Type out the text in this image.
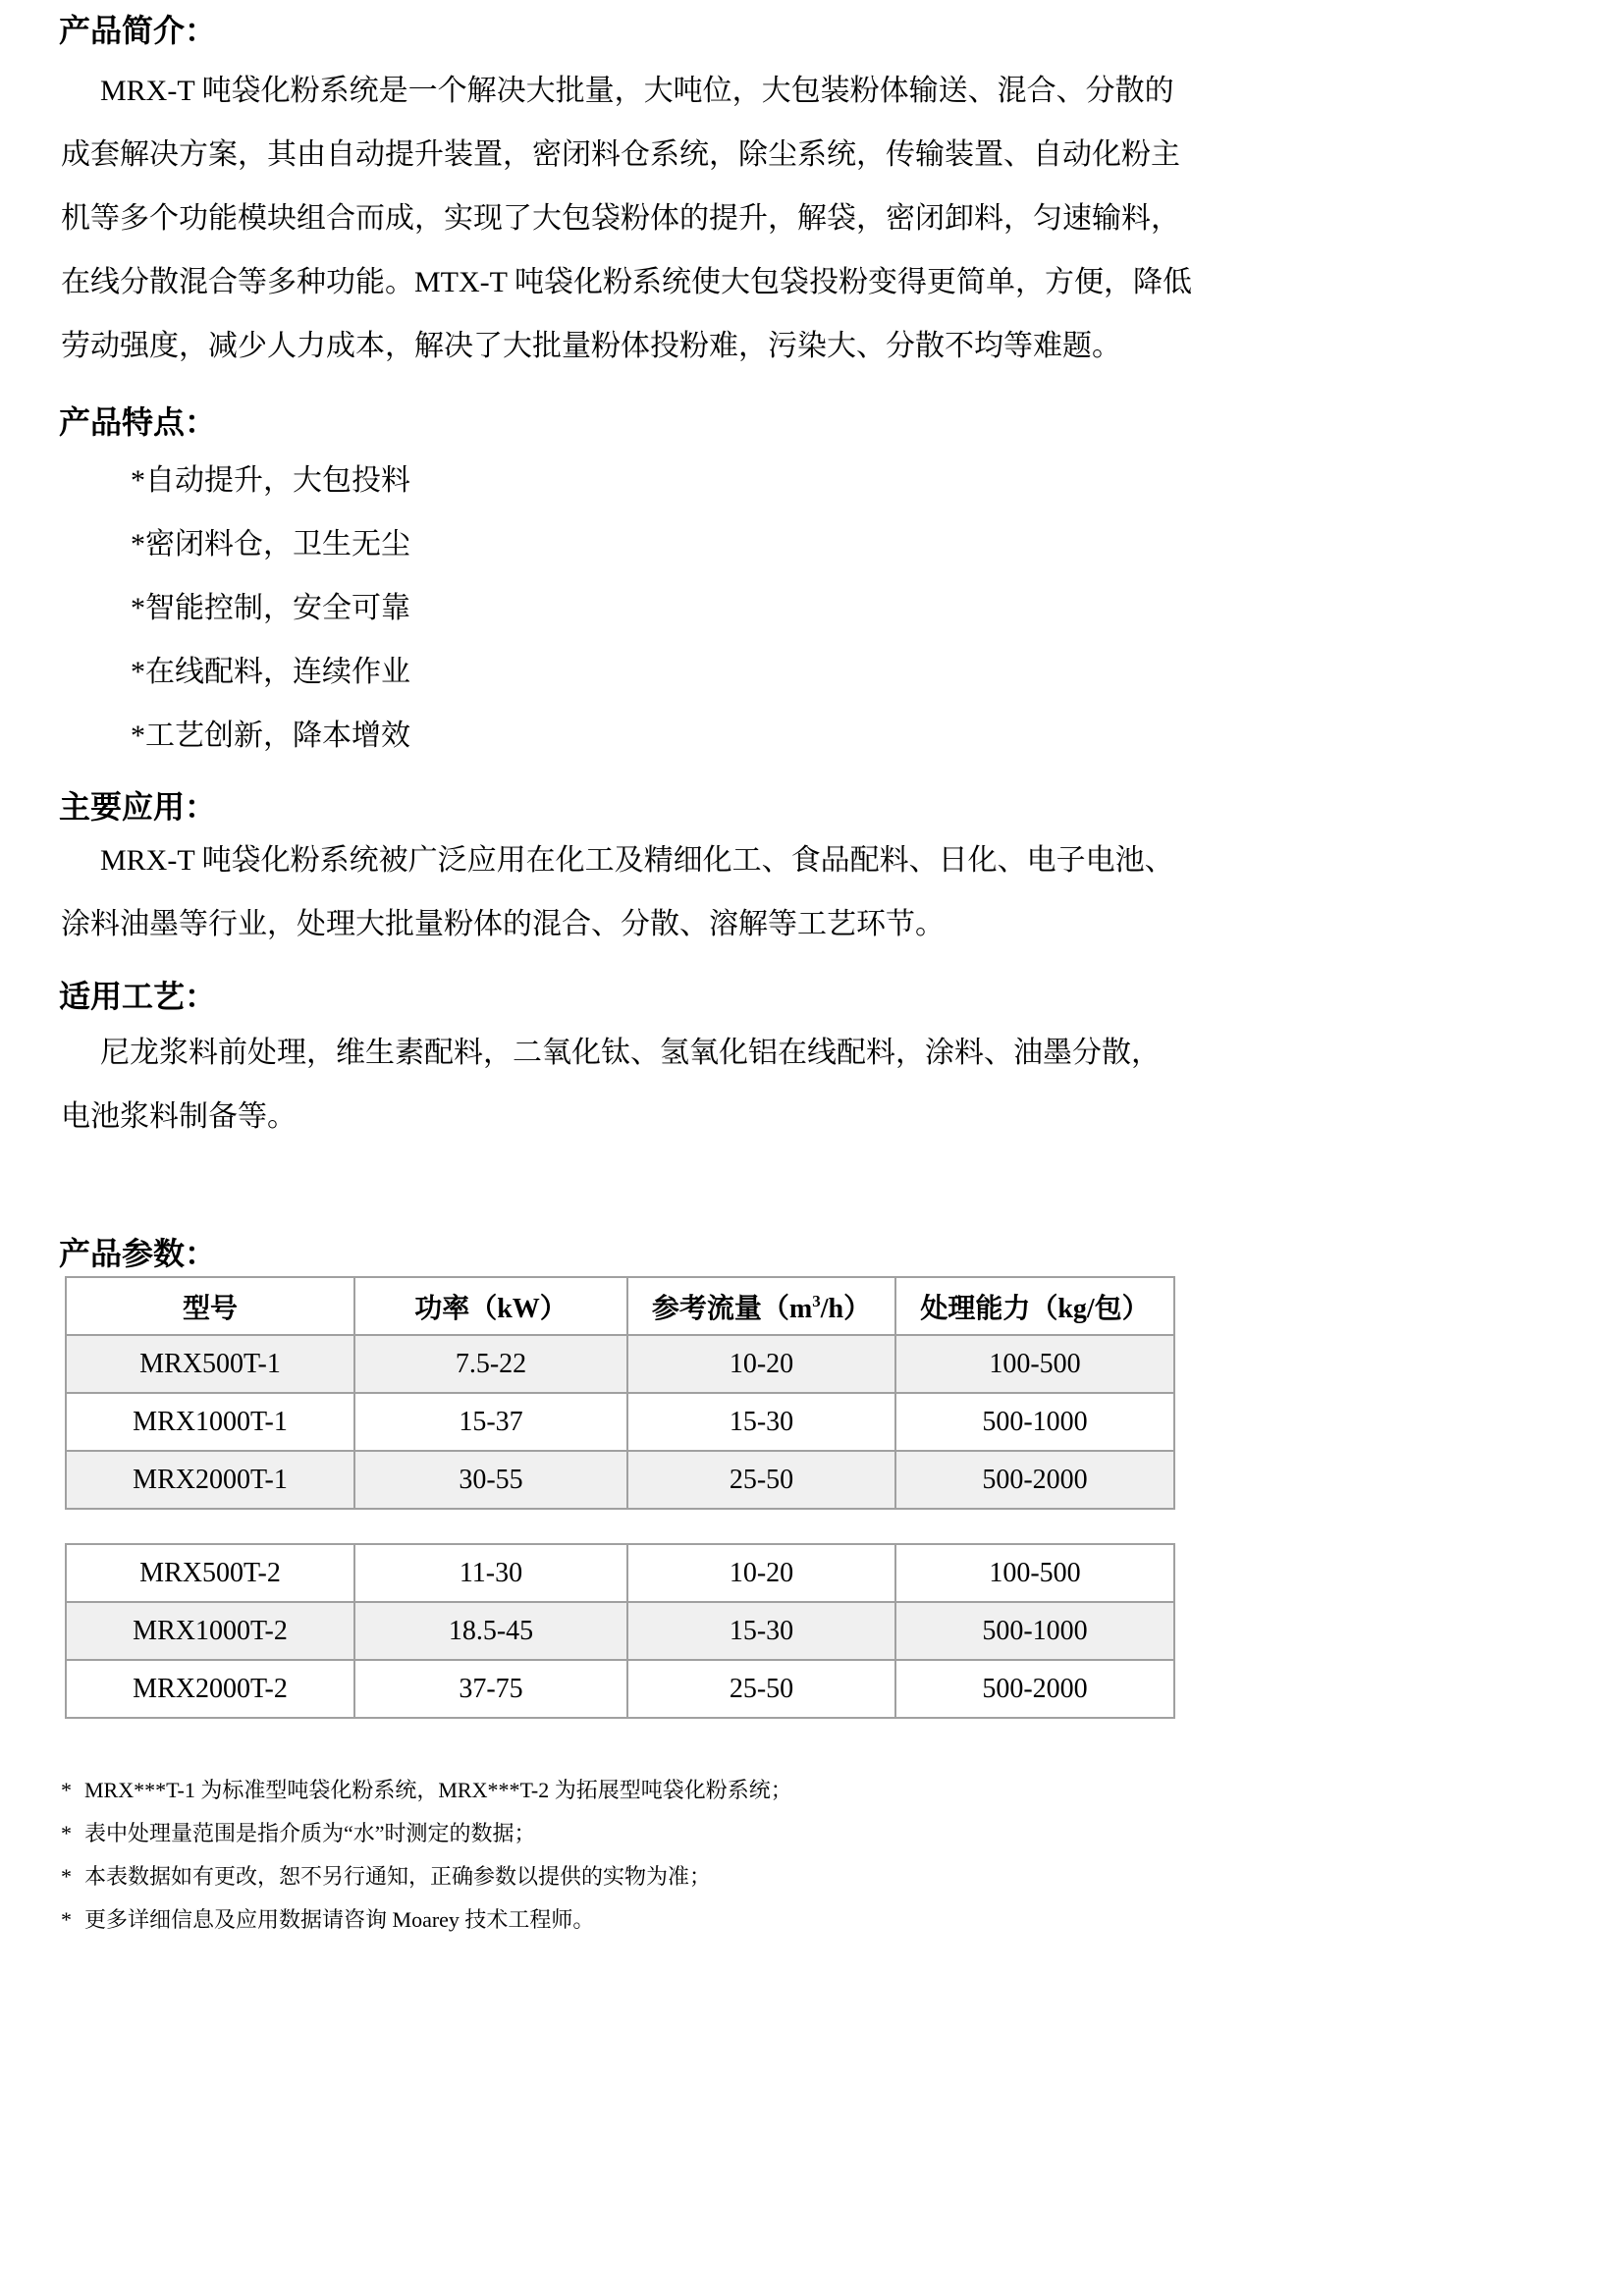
产品简介：
MRX-T 吨袋化粉系统是一个解决大批量，大吨位，大包装粉体输送、混合、分散的
成套解决方案，其由自动提升装置，密闭料仓系统，除尘系统，传输装置、自动化粉主
机等多个功能模块组合而成，实现了大包袋粉体的提升，解袋，密闭卸料，匀速输料，
在线分散混合等多种功能。MTX-T 吨袋化粉系统使大包袋投粉变得更简单，方便，降低
劳动强度，减少人力成本，解决了大批量粉体投粉难，污染大、分散不均等难题。
产品特点：
*自动提升，大包投料
*密闭料仓，卫生无尘
*智能控制，安全可靠
*在线配料，连续作业
*工艺创新，降本增效
主要应用：
MRX-T 吨袋化粉系统被广泛应用在化工及精细化工、食品配料、日化、电子电池、
涂料油墨等行业，处理大批量粉体的混合、分散、溶解等工艺环节。
适用工艺：
尼龙浆料前处理，维生素配料，二氧化钛、氢氧化铝在线配料，涂料、油墨分散，
电池浆料制备等。
产品参数：
型号	功率（kW）	参考流量$(m^3/h)$	处理能力（kg/包）
MRX500T-1	7.5-22	10-20	100-500
MRX1000T-1	15-37	15-30	500-1000
MRX2000T-1	30-55	25-50	500-2000
MRX500T-2	11-30	10-20	100-500
MRX1000T-2	18.5-45	15-30	500-1000
MRX2000T-2	37-75	25-50	500-2000
* MRX***T-1 为标准型吨袋化粉系统，MRX***T-2 为拓展型吨袋化粉系统；
* 表中处理量范围是指介质为“水”时测定的数据；
* 本表数据如有更改，恕不另行通知，正确参数以提供的实物为准；
* 更多详细信息及应用数据请咨询 Moarey 技术工程师。
